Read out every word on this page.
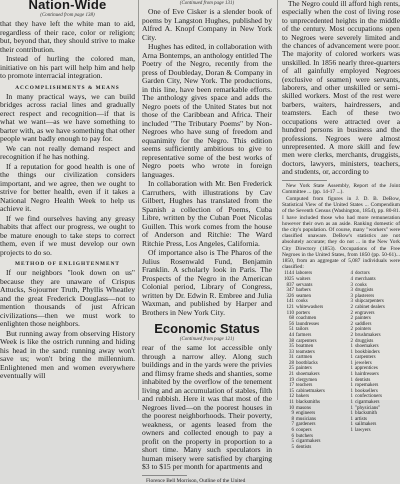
Nation-Wide
(Continued from page 138)

that they have left the white man to aid, regardless of their race, color or religion; but, beyond that, they should strive to make their contribution.

Instead of hurling the colored man, initiative on his part will help him and help to promote interracial integration.

ACCOMPLISHMENTS & MEANS

In many practical ways, we can build bridges across racial lines and gradually erect respect and recognition—if that is what we want—as we have something to barter with, as we have something that other people want badly enough to pay for.

We can not really demand respect and recognition if he has nothing.

If a reputation for good health is one of the things our civilization considers important, and we agree, then we ought to strive for better health, even if it takes a National Negro Health Week to help us achieve it.

If we find ourselves having any greasy habits that affect our progress, we ought to be mature enough to take steps to correct them, even if we must develop our own projects to do so.

METHOD OF ENLIGHTENMENT

If our neighbors "look down on us" because they are unaware of Crispus Attucks, Sojourner Truth, Phyllis Wheatley and the great Frederick Douglass—not to mention thousands of just African civilizations—then we must work to enlighten those neighbors.

But running away from observing History Week is like the ostrich running and hiding his head in the sand: running away won't save us; won't bring the millennium. Enlightened men and women everywhere eventually will

(Continued from page 131)

One of Eve Cisker is a slender book of poems by Langston Hughes, published by Alfred A. Knopf Company in New York City.

Hughes has edited, in collaboration with Arna Bontemps, an anthology entitled The Poetry of the Negro, recently from the press of Doubleday, Doran & Company in Garden City, New York. The productions, in this line, have been remarkable efforts. The anthology gives space and adds the Negro poets of the United States but not those of the Caribbean and Africa. Their included "The Tributary Poems" by Non-Negroes who have sung of freedom and equanimity for the Negro. This edition seems sufficiently ambitious to give to representative some of the best works of Negro poets who wrote in foreign languages.

In collaboration with Mr. Ben Frederick Carruthers, with illustrations by Cav Gilbert, Hughes has translated from the Spanish a collection of Poems, Cuba Libre, written by the Cuban Poet Nicolas Guillen. This work comes from the house of Anderson and Ritchie: The Ward Ritchie Press, Los Angeles, California.

Of importance also is The Pharos of the Julius Rosenwald Fund, Benjamin Franklin. A scholarly look in Paris. The Prospects of the Negro in the American Colonial period, Library of Congress, written by Dr. Edwin R. Embree and Julia Waxman, and published by Harper and Brothers in New York City.

Economic Status
(Continued from page 121)

rear of the same lot accessible only through a narrow alley. Along such buildings and in the yards were the privies and flimsy frame sheds and shanties, some inhabited by the overflow of the tenement living and an accumulation of stables, filth and rubbish. Here it was that most of the Negroes lived—on the poorest houses in the poorest neighborhoods. Their poverty, weakness, or agents leased from the owners and collected enough to pay a profit on the property in proportion to a short time. Many such speculators in human misery were satisfied by charging $3 to $15 per month for apartments and

Florence Bell Morrison, Outline of the United

The Negro could ill afford high rents, especially when the cost of living rose to unprecedented heights in the middle of the century. Most occupations open to Negroes were severely limited and the chances of advancement were poor. The majority of colored workers was unskilled. In 1856 nearly three-quarters of all gainfully employed Negroes (exclusive of seamen) were servants, laborers, and other unskilled or semi-skilled workers. Most of the rest were barbers, waiters, hairdressers, and teamsters. Each of these two occupations were attracted over a hundred persons in business and the professions. Negroes were almost unrepresented. A more skill and few men were clerks, merchants, druggists, doctors, lawyers, ministers, teachers, and students, or, according to

New York State Assembly, Report of the Joint Committee ... (pp. 14-17 ...).

Computed from figures in J. D. B. DeBow, Statistical View of the United States ... Compendium of the Seventh Census (Washington, 1854), pp. 80-81. I have included those who had more remuneration however their own as an aside. Ranking domestic of the city's population. Of course, many "workers" were classified unaware. DeBow's statistics are not absolutely accurate; they do not ... in the New York City Directory (1853). Occupations of the Free Negroes in the United States, from 1850 (pp. 50-61)... 1850, from an aggregate of 5,087 individuals were classified:

1144 laborers
1025 waiters
837 servants
347 barbers
326 seamen
141 cooks
121 whitewashers
110 porters
68 coachmen
56 laundresses
51 tailors
44 farmers
38 carpenters
35 boatmen
33 teamsters
31 cartmen
28 bootblacks
25 painters
21 shoemakers
19 clergymen
17 teachers
15 cabinetmakers
12 bakers
11 blacksmiths
10 masons
9 engineers
8 musicians
7 gardeners
6 coopers
6 butchers
5 cigarmakers
5 dentists
4 doctors
4 merchants
3 cooks
3 druggists
3 plasterers
3 shipcarpenters
2 cabinet dealers
2 engravers
2 painters
2 saddlers
2 pointers
2 brushmakers
2 druggists
1 shoemakers
1 bookbinders
1 carpenters
1 jewelers
1 apprentices
1 hairdressers
1 dentists
1 ropemakers
1 booksellers
1 confectioners
1 cigarmakers
1 "physicians"
1 blacksmith
1 artists
1 sailmakers
1 lawyers
